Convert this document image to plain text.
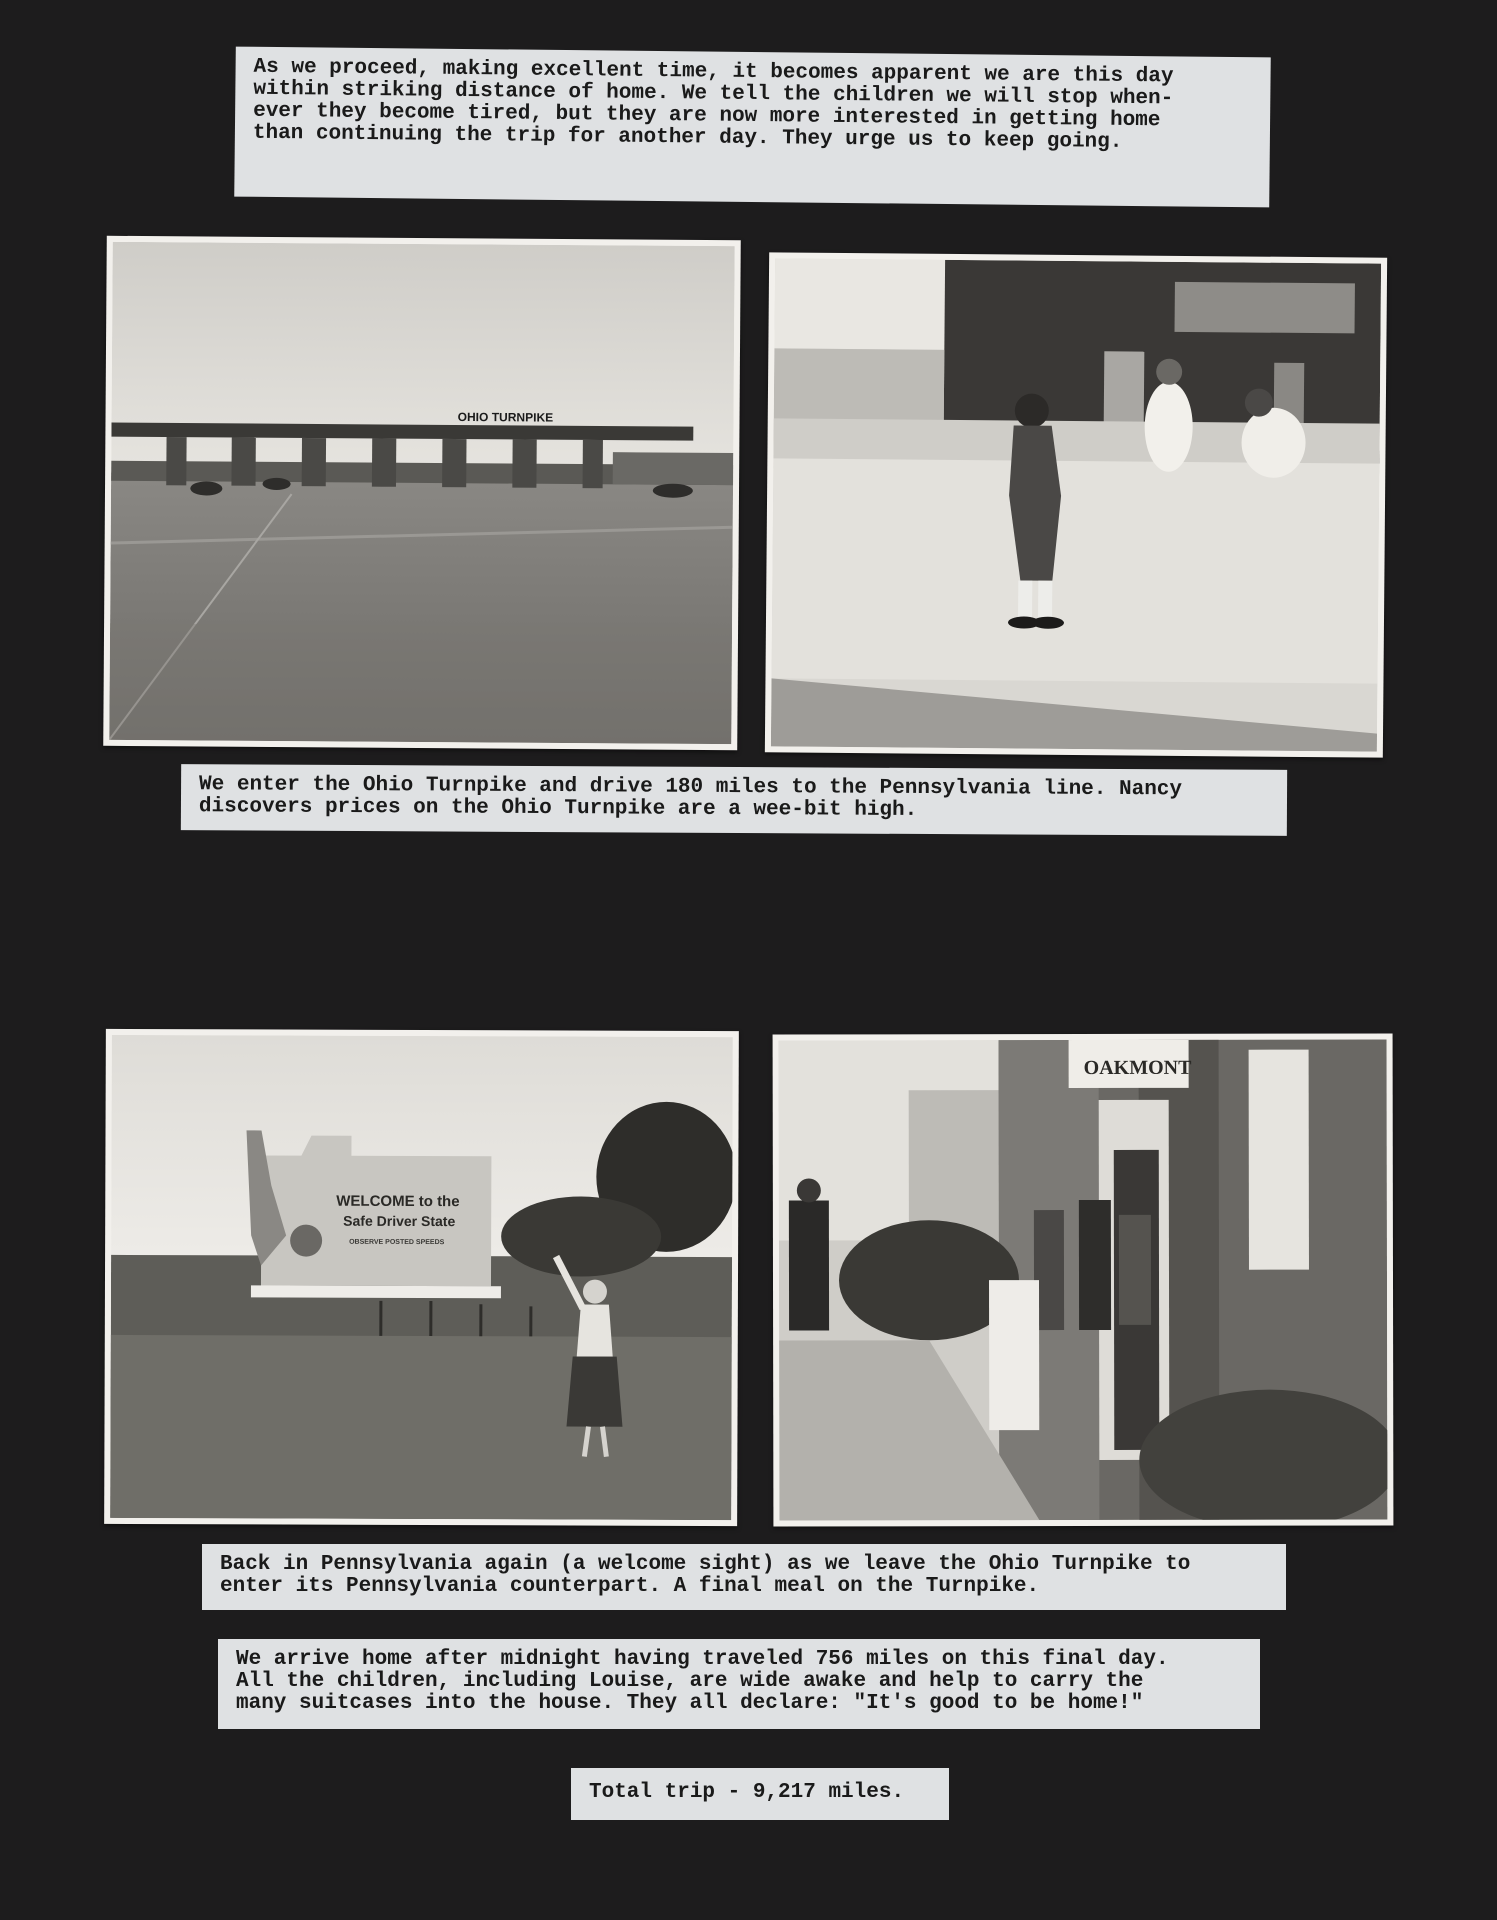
As we proceed, making excellent time, it becomes apparent we are this day
within striking distance of home. We tell the children we will stop when-
ever they become tired, but they are now more interested in getting home
than continuing the trip for another day. They urge us to keep going.
OHIO TURNPIKE
We enter the Ohio Turnpike and drive 180 miles to the Pennsylvania line. Nancy
discovers prices on the Ohio Turnpike are a wee-bit high.
WELCOME to the
Safe Driver State
OBSERVE POSTED SPEEDS
OAKMONT
Back in Pennsylvania again (a welcome sight) as we leave the Ohio Turnpike to
enter its Pennsylvania counterpart. A final meal on the Turnpike.
We arrive home after midnight having traveled 756 miles on this final day.
All the children, including Louise, are wide awake and help to carry the
many suitcases into the house. They all declare: "It's good to be home!"
Total trip - 9,217 miles.
